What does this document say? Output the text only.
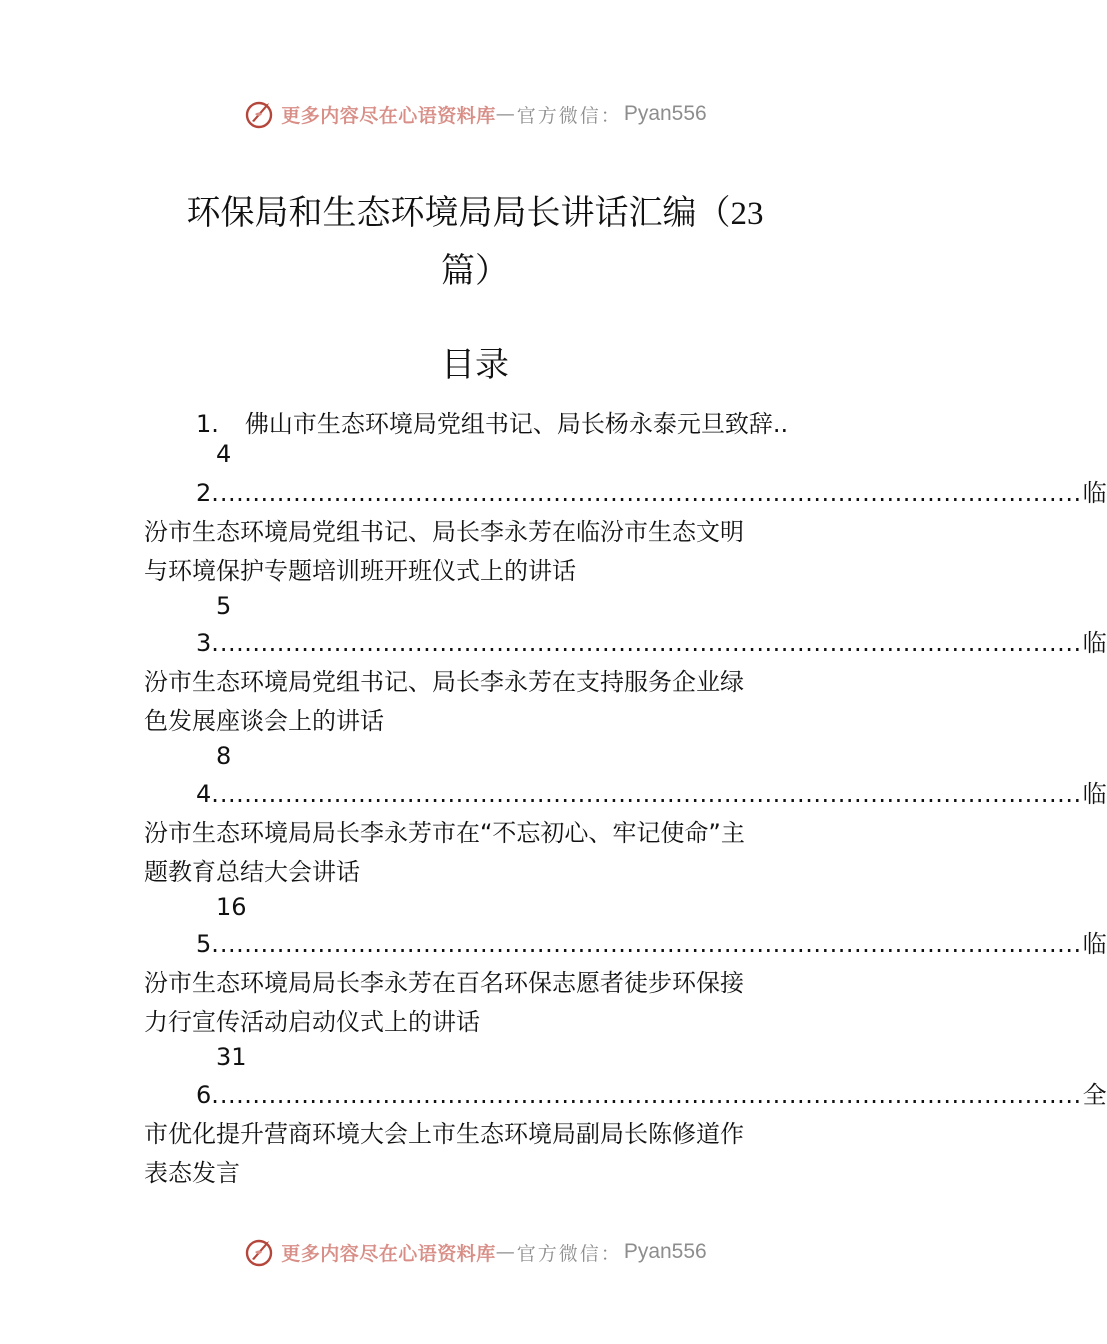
更多内容尽在心语资料库 — 官方微信： Pyan556
环保局和生态环境局局长讲话汇编（23
篇）
目录
1. 佛山市生态环境局党组书记、局长杨永泰元旦致辞..
4
2. .......................................................................................................... 临
汾市生态环境局党组书记、局长李永芳在临汾市生态文明
与环境保护专题培训班开班仪式上的讲话
5
3. .......................................................................................................... 临
汾市生态环境局党组书记、局长李永芳在支持服务企业绿
色发展座谈会上的讲话
8
4. .......................................................................................................... 临
汾市生态环境局局长李永芳市在“不忘初心、牢记使命”主
题教育总结大会讲话
16
5. .......................................................................................................... 临
汾市生态环境局局长李永芳在百名环保志愿者徒步环保接
力行宣传活动启动仪式上的讲话
31
6. .......................................................................................................... 全
市优化提升营商环境大会上市生态环境局副局长陈修道作
表态发言
更多内容尽在心语资料库 — 官方微信： Pyan556
